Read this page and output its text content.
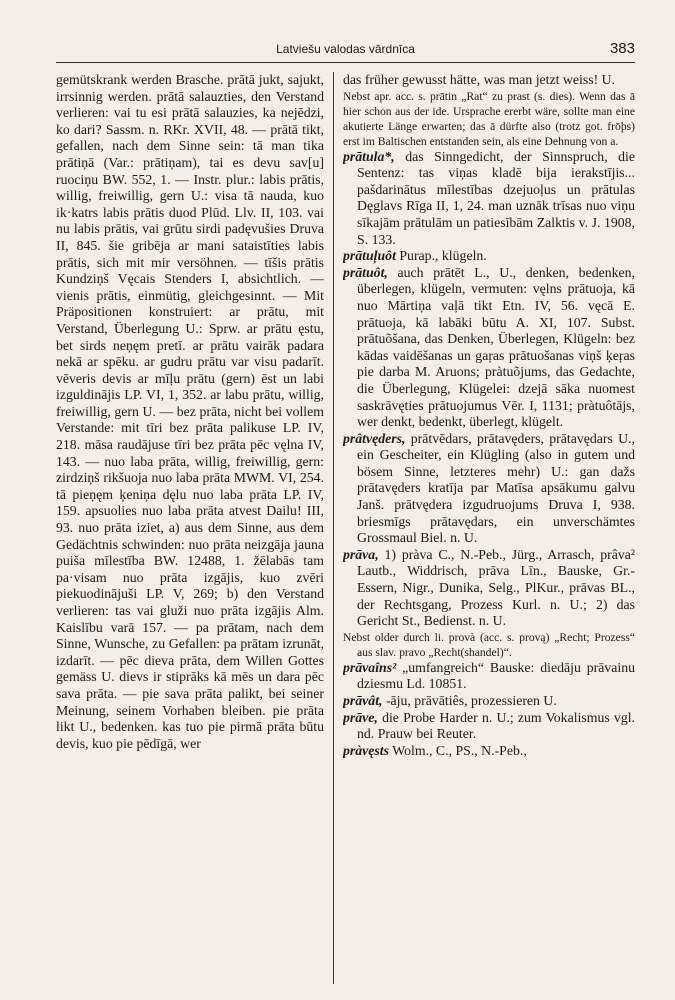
Latviešu valodas vārdnīca	383

gemütskrank werden Brasche. prātā jukt, sajukt, irrsinnig werden. prātā salauzties, den Verstand verlieren: vai tu esi prātā salauzies, ka nejēdzi, ko dari? Sassm. n. RKr. XVII, 48. — prātā tikt, gefallen, nach dem Sinne sein: tā man tika prātiņā (Var.: prātiņam), tai es devu sav[u] ruociņu BW. 552, 1. — Instr. plur.: labis prātis, willig, freiwillig, gern U.: visa tā nauda, kuo ik·katrs labis prātis duod Plūd. Llv. II, 103. vai nu labis prātis, vai grūtu sirdi padęvušies Druva II, 845. šie gribēja ar mani sataistīties labis prātis, sich mit mir versöhnen. — tīšis prātis Kundziņš Vęcais Stenders I, absichtlich. — vienis prātis, einmütig, gleichgesinnt. — Mit Präpositionen konstruiert: ar prātu, mit Verstand, Überlegung U.: Sprw. ar prātu ęstu, bet sirds neņęm pretī. ar prātu vairāk padara nekā ar spēku. ar gudru prātu var visu padarīt. vēveris devis ar mīļu prātu (gern) ēst un labi izguldinājis LP. VI, 1, 352. ar labu prātu, willig, freiwillig, gern U. — bez prāta, nicht bei vollem Verstande: mit tīri bez prāta palikuse LP. IV, 218. māsa raudājuse tīri bez prāta pēc vęlna IV, 143. — nuo laba prāta, willig, freiwillig, gern: zirdziņš rikšuoja nuo laba prāta MWM. VI, 254. tā pieņęm ķeniņa dęlu nuo laba prāta LP. IV, 159. apsuolies nuo laba prāta atvest Dailu! III, 93. nuo prāta iziet, a) aus dem Sinne, aus dem Gedächtnis schwinden: nuo prāta neizgāja jauna puiša mīlestība BW. 12488, 1. žēlabās tam pa·visam nuo prāta izgājis, kuo zvēri piekuodinājuši LP. V, 269; b) den Verstand verlieren: tas vai gluži nuo prāta izgājis Alm. Kaislību varā 157. — pa prātam, nach dem Sinne, Wunsche, zu Gefallen: pa prātam izrunāt, izdarīt. — pēc dieva prāta, dem Willen Gottes gemäss U. dievs ir stiprāks kā mēs un dara pēc sava prāta. — pie sava prāta palikt, bei seiner Meinung, seinem Vorhaben bleiben. pie prāta likt U., bedenken. kas tuo pie pirmā prāta būtu devis, kuo pie pēdīgā, wer

das früher gewusst hätte, was man jetzt weiss! U.
Nebst apr. acc. s. prātin „Rat“ zu prast (s. dies). Wenn das ā hier schon aus der ide. Ursprache ererbt wäre, sollte man eine akutierte Länge erwarten; das ā dürfte also (trotz got. frōþs) erst im Baltischen entstanden sein, als eine Dehnung von a.

prātula*, das Sinngedicht, der Sinnspruch, die Sentenz: tas viņas kladē bija ierakstījis... pašdarinātus mīlestības dzejuoļus un prātulas Dęglavs Rīga II, 1, 24. man uznāk trīsas nuo viņu sīkajām prātulām un patiesībām Zalktis v. J. 1908, S. 133.

prātuļuôt Purap., klügeln.

prātuôt, auch prātēt L., U., denken, bedenken, überlegen, klügeln, vermuten: vęlns prātuoja, kā nuo Mārtiņa vaļā tikt Etn. IV, 56. vęcā E. prātuoja, kā labāki būtu A. XI, 107. Subst. prātuõšana, das Denken, Überlegen, Klügeln: bez kādas vaidēšanas un gaŗas prātuošanas viņš ķeŗas pie darba M. Aruons; pràtuõjums, das Gedachte, die Überlegung, Klügelei: dzejā sāka nuomest saskrāvęties prātuojumus Vēr. I, 1131; pràtuôtājs, wer denkt, bedenkt, überlegt, klügelt.

prâtvęders, prātvēdars, prātavęders, prātavędars U., ein Gescheiter, ein Klügling (also in gutem und bösem Sinne, letzteres mehr) U.: gan dažs prātavęders kratīja par Matīsa apsākumu galvu Janš. prātvędera izgudruojums Druva I, 938. briesmīgs prātavędars, ein unverschämtes Grossmaul Biel. n. U.

prāva, 1) pràva C., N.-Peb., Jürg., Arrasch, prâva² Lautb., Widdrisch, prāva Līn., Bauske, Gr.-Essern, Nigr., Dunika, Selg., PlKur., prāvas BL., der Rechtsgang, Prozess Kurl. n. U.; 2) das Gericht St., Bedienst. n. U.
Nebst older durch li. provà (acc. s. provą) „Recht; Prozess“ aus slav. pravo „Recht(shandel)“.

prāvaîns² „umfangreich“ Bauske: diedāju prāvainu dziesmu Ld. 10851.

prāvât, -āju, prāvātiês, prozessieren U.

prāve, die Probe Harder n. U.; zum Vokalismus vgl. nd. Prauw bei Reuter.

pràvęsts Wolm., C., PS., N.-Peb.,
